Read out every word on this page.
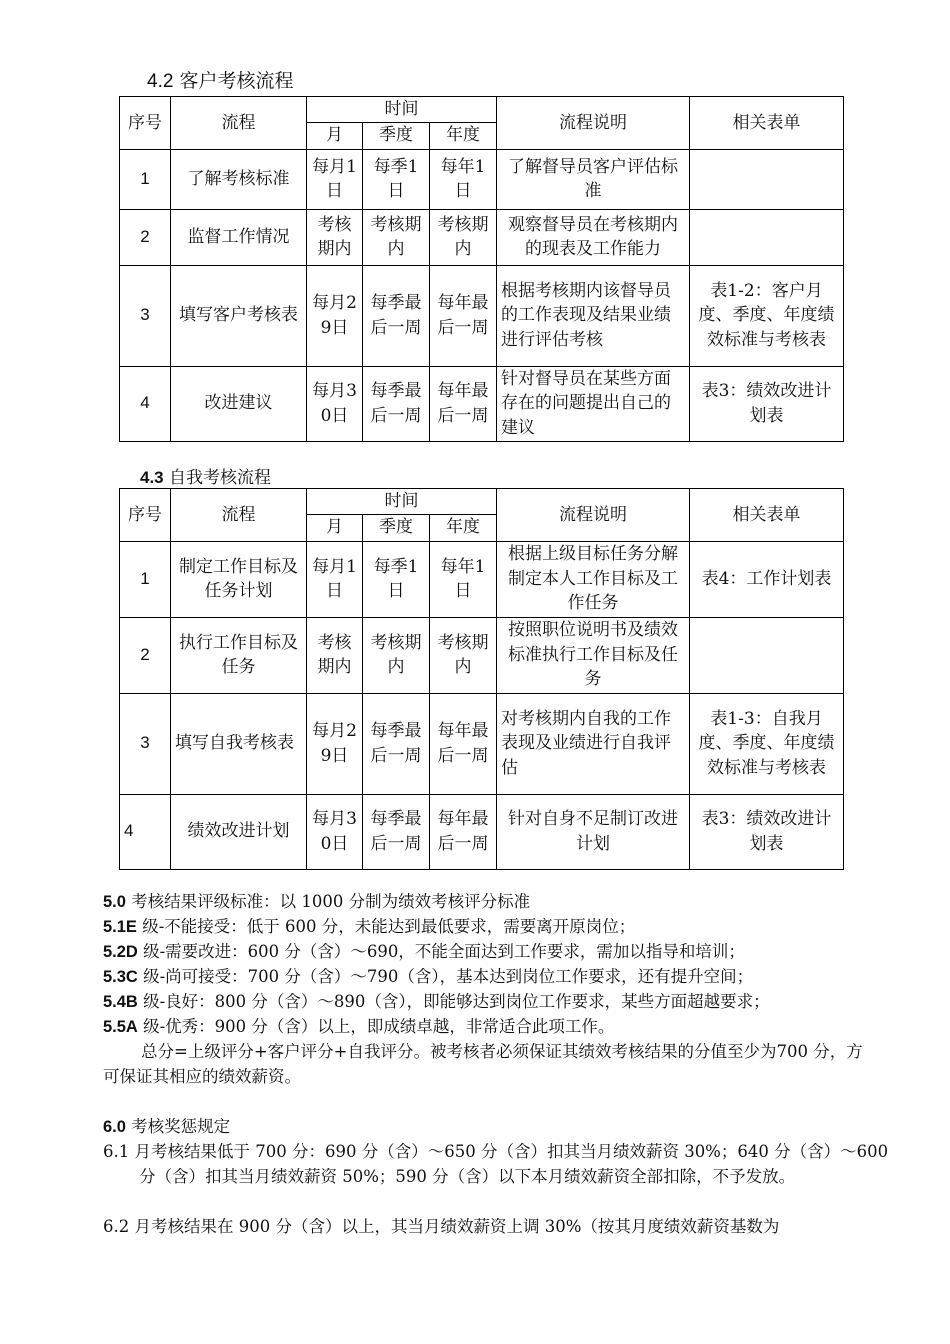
4.2 客户考核流程
序号	流程	时间			流程说明	相关表单
		月	季度	年度		
1	了解考核标准	每月1日	每季1日	每年1日	了解督导员客户评估标准	
2	监督工作情况	考核期内	考核期内	考核期内	观察督导员在考核期内的现表及工作能力	
3	填写客户考核表	每月29日	每季最后一周	每年最后一周	根据考核期内该督导员的工作表现及结果业绩进行评估考核	表1-2：客户月度、季度、年度绩效标准与考核表
4	改进建议	每月30日	每季最后一周	每年最后一周	针对督导员在某些方面存在的问题提出自己的建议	表3：绩效改进计划表
4.3 自我考核流程
序号	流程	时间			流程说明	相关表单
		月	季度	年度		
1	制定工作目标及任务计划	每月1日	每季1日	每年1日	根据上级目标任务分解制定本人工作目标及工作任务	表4：工作计划表
2	执行工作目标及任务	考核期内	考核期内	考核期内	按照职位说明书及绩效标准执行工作目标及任务	
3	填写自我考核表	每月29日	每季最后一周	每年最后一周	对考核期内自我的工作表现及业绩进行自我评估	表1-3：自我月度、季度、年度绩效标准与考核表
4	绩效改进计划	每月30日	每季最后一周	每年最后一周	针对自身不足制订改进计划	表3：绩效改进计划表
5.0 考核结果评级标准：以 1000 分制为绩效考核评分标准
5.1E 级-不能接受：低于 600 分，未能达到最低要求，需要离开原岗位；
5.2D 级-需要改进：600 分（含）～690，不能全面达到工作要求，需加以指导和培训；
5.3C 级-尚可接受：700 分（含）～790（含），基本达到岗位工作要求，还有提升空间；
5.4B 级-良好：800 分（含）～890（含），即能够达到岗位工作要求，某些方面超越要求；
5.5A 级-优秀：900 分（含）以上，即成绩卓越，非常适合此项工作。
总分=上级评分+客户评分+自我评分。被考核者必须保证其绩效考核结果的分值至少为700 分，方可保证其相应的绩效薪资。
6.0 考核奖惩规定
6.1 月考核结果低于 700 分：690 分（含）～650 分（含）扣其当月绩效薪资 30%；640 分（含）～600 分（含）扣其当月绩效薪资 50%；590 分（含）以下本月绩效薪资全部扣除，不予发放。
6.2 月考核结果在 900 分（含）以上，其当月绩效薪资上调 30%（按其月度绩效薪资基数为
